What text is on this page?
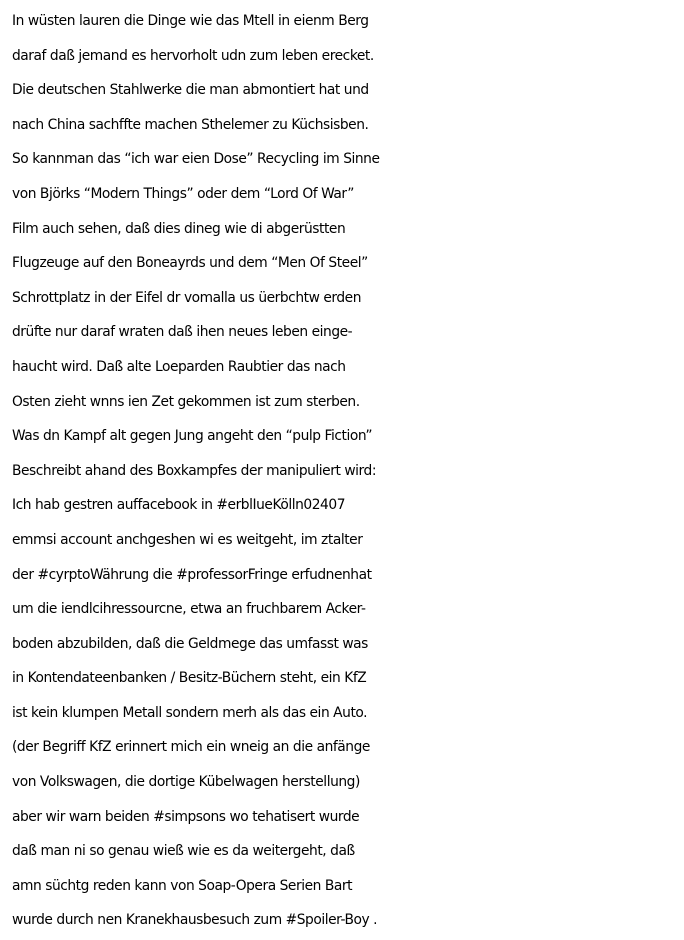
In wüsten lauren die Dinge wie das Mtell in eienm Berg
daraf daß jemand es hervorholt udn zum leben erecket.
Die deutschen Stahlwerke die man abmontiert hat und
nach China sachffte machen Sthelemer zu Küchsisben.
So kannman das “ich war eien Dose” Recycling im Sinne
von Björks “Modern Things” oder dem “Lord Of War”
Film auch sehen, daß dies dineg wie di abgerüstten
Flugzeuge auf den Boneayrds und dem “Men Of Steel”
Schrottplatz in der Eifel dr vomalla us üerbchtw erden
drüfte nur daraf wraten daß ihen neues leben einge-
haucht wird. Daß alte Loeparden Raubtier das nach
Osten zieht wnns ien Zet gekommen ist zum sterben.
Was dn Kampf alt gegen Jung angeht den “pulp Fiction”
Beschreibt ahand des Boxkampfes der manipuliert wird:
Ich hab gestren auffacebook in #erblIueKölln02407
emmsi account anchgeshen wi es weitgeht, im ztalter
der #cyrptoWährung die #professorFringe erfudnenhat
um die iendlcihressourcne, etwa an fruchbarem Acker-
boden abzubilden, daß die Geldmege das umfasst was
in Kontendateenbanken / Besitz-Büchern steht, ein KfZ
ist kein klumpen Metall sondern merh als das ein Auto.
(der Begriff KfZ erinnert mich ein wneig an die anfänge
von Volkswagen, die dortige Kübelwagen herstellung)
aber wir warn beiden #simpsons wo tehatisert wurde
daß man ni so genau wieß wie es da weitergeht, daß
amn süchtg reden kann von Soap-Opera Serien Bart
wurde durch nen Kranekhausbesuch zum #Spoiler-Boy .
